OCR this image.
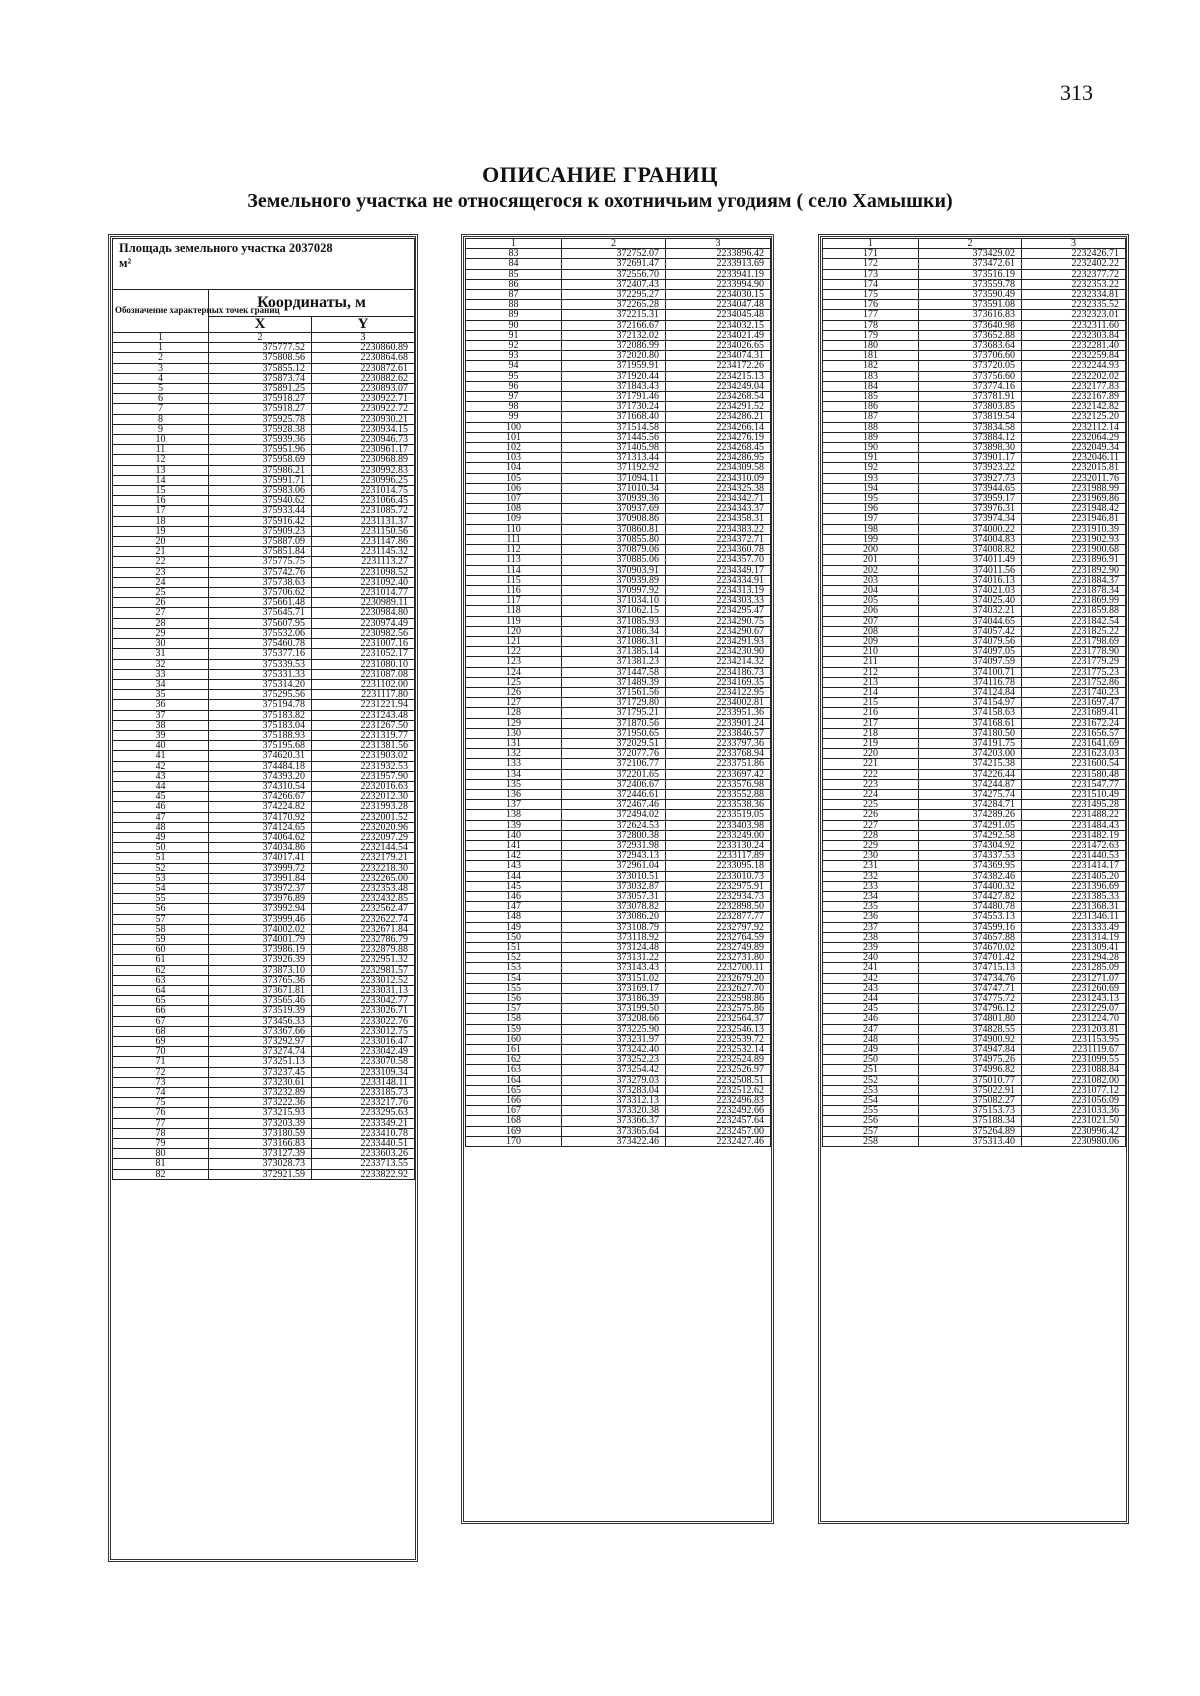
313
ОПИСАНИЕ ГРАНИЦ
Земельного участка не относящегося к охотничьим угодиям ( село Хамышки)
Площадь земельного участка 2037028
м²		
Обозначение характерных точек границ	Координаты, м	
	X	Y
1	2	3
1	375777.52	2230860.89
2	375808.56	2230864.68
3	375855.12	2230872.61
4	375873.74	2230882.62
5	375891.25	2230893.07
6	375918.27	2230922.71
7	375918.27	2230922.72
8	375925.78	2230930.21
9	375928.38	2230934.15
10	375939.36	2230946.73
11	375951.96	2230961.17
12	375958.69	2230968.89
13	375986.21	2230992.83
14	375991.71	2230996.25
15	375983.06	2231014.75
16	375940.62	2231066.45
17	375933.44	2231085.72
18	375916.42	2231131.37
19	375909.23	2231150.56
20	375887.09	2231147.86
21	375851.84	2231145.32
22	375775.75	2231113.27
23	375742.76	2231098.52
24	375738.63	2231092.40
25	375706.62	2231014.77
26	375661.48	2230989.11
27	375645.71	2230984.80
28	375607.95	2230974.49
29	375532.06	2230982.56
30	375460.78	2231007.16
31	375377.16	2231052.17
32	375339.53	2231080.10
33	375331.33	2231087.08
34	375314.20	2231102.00
35	375295.56	2231117.80
36	375194.78	2231221.94
37	375183.82	2231243.48
38	375183.04	2231267.50
39	375188.93	2231319.77
40	375195.68	2231381.56
41	374620.31	2231903.02
42	374484.18	2231932.53
43	374393.20	2231957.90
44	374310.54	2232016.63
45	374266.67	2232012.30
46	374224.82	2231993.28
47	374170.92	2232001.52
48	374124.65	2232020.96
49	374064.62	2232097.29
50	374034.86	2232144.54
51	374017.41	2232179.21
52	373999.72	2232218.30
53	373991.84	2232265.00
54	373972.37	2232353.48
55	373976.89	2232432.85
56	373992.94	2232562.47
57	373999.46	2232622.74
58	374002.02	2232671.84
59	374001.79	2232786.79
60	373986.19	2232879.88
61	373926.39	2232951.32
62	373873.10	2232981.57
63	373765.36	2233012.52
64	373671.81	2233031.13
65	373565.46	2233042.77
66	373519.39	2233026.71
67	373456.33	2233022.76
68	373367.66	2233012.75
69	373292.97	2233016.47
70	373274.74	2233042.49
71	373251.13	2233070.58
72	373237.45	2233109.34
73	373230.61	2233148.11
74	373232.89	2233185.73
75	373222.36	2233217.76
76	373215.93	2233295.63
77	373203.39	2233349.21
78	373180.59	2233410.78
79	373166.83	2233440.51
80	373127.39	2233603.26
81	373028.73	2233713.55
82	372921.59	2233822.92
1	2	3
83	372752.07	2233896.42
84	372691.47	2233913.69
85	372556.70	2233941.19
86	372407.43	2233994.90
87	372295.27	2234030.15
88	372265.28	2234047.48
89	372215.31	2234045.48
90	372166.67	2234032.15
91	372132.02	2234021.49
92	372086.99	2234026.65
93	372020.80	2234074.31
94	371959.91	2234172.26
95	371920.44	2234215.13
96	371843.43	2234249.04
97	371791.46	2234268.54
98	371730.24	2234291.52
99	371668.40	2234286.21
100	371514.58	2234266.14
101	371445.56	2234276.19
102	371405.98	2234268.45
103	371313.44	2234286.95
104	371192.92	2234309.58
105	371094.11	2234310.09
106	371010.34	2234325.38
107	370939.36	2234342.71
108	370937.69	2234343.37
109	370908.86	2234358.31
110	370860.81	2234383.22
111	370855.80	2234372.71
112	370879.06	2234360.78
113	370885.06	2234357.70
114	370903.91	2234349.17
115	370939.89	2234334.91
116	370997.92	2234313.19
117	371034.10	2234303.33
118	371062.15	2234295.47
119	371085.93	2234290.75
120	371086.34	2234290.67
121	371086.31	2234291.93
122	371385.14	2234230.90
123	371381.23	2234214.32
124	371447.58	2234186.73
125	371489.39	2234169.35
126	371561.56	2234122.95
127	371729.80	2234002.81
128	371795.21	2233951.36
129	371870.56	2233901.24
130	371950.65	2233846.57
131	372029.51	2233797.36
132	372077.76	2233768.94
133	372106.77	2233751.86
134	372201.65	2233697.42
135	372406.67	2233576.98
136	372446.61	2233552.88
137	372467.46	2233538.36
138	372494.02	2233519.05
139	372624.53	2233403.98
140	372800.38	2233249.00
141	372931.98	2233130.24
142	372943.13	2233117.89
143	372961.04	2233095.18
144	373010.51	2233010.73
145	373032.87	2232975.91
146	373057.31	2232934.73
147	373078.82	2232898.50
148	373086.20	2232877.77
149	373108.79	2232797.92
150	373118.92	2232764.59
151	373124.48	2232749.89
152	373131.22	2232731.80
153	373143.43	2232700.11
154	373151.02	2232679.20
155	373169.17	2232627.70
156	373186.39	2232598.86
157	373199.50	2232575.86
158	373208.66	2232564.37
159	373225.90	2232546.13
160	373231.97	2232539.72
161	373242.40	2232532.14
162	373252.23	2232524.89
163	373254.42	2232526.97
164	373279.03	2232508.51
165	373283.04	2232512.62
166	373312.13	2232496.83
167	373320.38	2232492.66
168	373366.37	2232457.64
169	373365.64	2232457.00
170	373422.46	2232427.46
1	2	3
171	373429.02	2232426.71
172	373472.61	2232402.22
173	373516.19	2232377.72
174	373559.78	2232353.22
175	373590.49	2232334.81
176	373591.08	2232335.52
177	373616.83	2232323.01
178	373640.98	2232311.60
179	373652.88	2232303.84
180	373683.64	2232281.40
181	373706.60	2232259.84
182	373720.05	2232244.93
183	373756.60	2232202.02
184	373774.16	2232177.83
185	373781.91	2232167.89
186	373803.85	2232142.82
187	373819.54	2232125.20
188	373834.58	2232112.14
189	373884.12	2232064.29
190	373898.30	2232049.34
191	373901.17	2232046.11
192	373923.22	2232015.81
193	373927.73	2232011.76
194	373944.65	2231988.99
195	373959.17	2231969.86
196	373976.31	2231948.42
197	373974.34	2231946.81
198	374000.22	2231910.39
199	374004.83	2231902.93
200	374008.82	2231900.68
201	374011.49	2231896.91
202	374011.56	2231892.90
203	374016.13	2231884.37
204	374021.03	2231878.34
205	374025.40	2231869.99
206	374032.21	2231859.88
207	374044.65	2231842.54
208	374057.42	2231825.22
209	374079.56	2231798.69
210	374097.05	2231778.90
211	374097.59	2231779.29
212	374100.71	2231775.23
213	374116.78	2231752.86
214	374124.84	2231740.23
215	374154.97	2231697.47
216	374158.63	2231689.41
217	374168.61	2231672.24
218	374180.50	2231656.57
219	374191.75	2231641.69
220	374203.00	2231623.03
221	374215.38	2231600.54
222	374226.44	2231580.48
223	374244.87	2231547.77
224	374275.74	2231510.49
225	374284.71	2231495.28
226	374289.26	2231488.22
227	374291.05	2231484.43
228	374292.58	2231482.19
229	374304.92	2231472.63
230	374337.53	2231440.53
231	374369.95	2231414.17
232	374382.46	2231405.20
233	374400.32	2231396.69
234	374427.82	2231385.33
235	374480.78	2231368.31
236	374553.13	2231346.11
237	374599.16	2231333.49
238	374657.88	2231314.19
239	374670.02	2231309.41
240	374701.42	2231294.28
241	374715.13	2231285.09
242	374734.76	2231271.07
243	374747.71	2231260.69
244	374775.72	2231243.13
245	374796.12	2231229.07
246	374801.80	2231224.70
247	374828.55	2231203.81
248	374900.92	2231153.95
249	374947.84	2231119.67
250	374975.26	2231099.55
251	374996.82	2231088.84
252	375010.77	2231082.00
253	375022.91	2231077.12
254	375082.27	2231056.09
255	375153.73	2231033.36
256	375188.34	2231021.50
257	375264.89	2230996.42
258	375313.40	2230980.06
